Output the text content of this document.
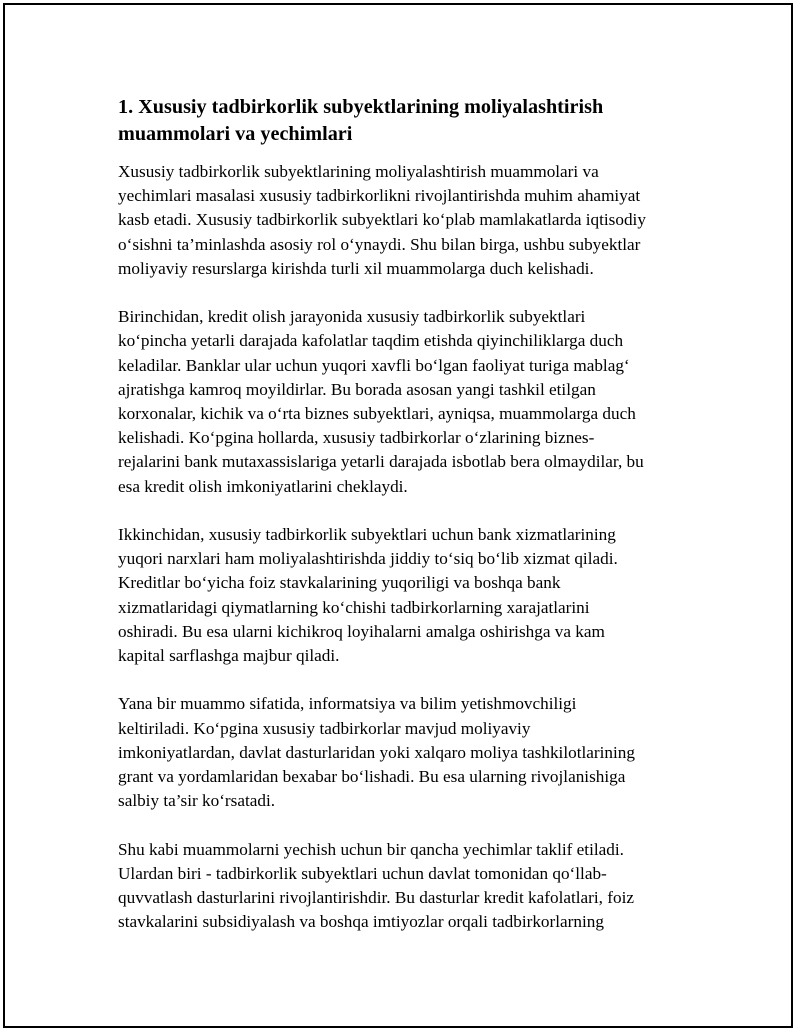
1. Xususiy tadbirkorlik subyektlarining moliyalashtirish
muammolari va yechimlari

Xususiy tadbirkorlik subyektlarining moliyalashtirish muammolari va
yechimlari masalasi xususiy tadbirkorlikni rivojlantirishda muhim ahamiyat
kasb etadi. Xususiy tadbirkorlik subyektlari ko‘plab mamlakatlarda iqtisodiy
o‘sishni ta’minlashda asosiy rol o‘ynaydi. Shu bilan birga, ushbu subyektlar
moliyaviy resurslarga kirishda turli xil muammolarga duch kelishadi.

Birinchidan, kredit olish jarayonida xususiy tadbirkorlik subyektlari
ko‘pincha yetarli darajada kafolatlar taqdim etishda qiyinchiliklarga duch
keladilar. Banklar ular uchun yuqori xavfli bo‘lgan faoliyat turiga mablag‘
ajratishga kamroq moyildirlar. Bu borada asosan yangi tashkil etilgan
korxonalar, kichik va o‘rta biznes subyektlari, ayniqsa, muammolarga duch
kelishadi. Ko‘pgina hollarda, xususiy tadbirkorlar o‘zlarining biznes-
rejalarini bank mutaxassislariga yetarli darajada isbotlab bera olmaydilar, bu
esa kredit olish imkoniyatlarini cheklaydi.

Ikkinchidan, xususiy tadbirkorlik subyektlari uchun bank xizmatlarining
yuqori narxlari ham moliyalashtirishda jiddiy to‘siq bo‘lib xizmat qiladi.
Kreditlar bo‘yicha foiz stavkalarining yuqoriligi va boshqa bank
xizmatlaridagi qiymatlarning ko‘chishi tadbirkorlarning xarajatlarini
oshiradi. Bu esa ularni kichikroq loyihalarni amalga oshirishga va kam
kapital sarflashga majbur qiladi.

Yana bir muammo sifatida, informatsiya va bilim yetishmovchiligi
keltiriladi. Ko‘pgina xususiy tadbirkorlar mavjud moliyaviy
imkoniyatlardan, davlat dasturlaridan yoki xalqaro moliya tashkilotlarining
grant va yordamlaridan bexabar bo‘lishadi. Bu esa ularning rivojlanishiga
salbiy ta’sir ko‘rsatadi.

Shu kabi muammolarni yechish uchun bir qancha yechimlar taklif etiladi.
Ulardan biri - tadbirkorlik subyektlari uchun davlat tomonidan qo‘llab-
quvvatlash dasturlarini rivojlantirishdir. Bu dasturlar kredit kafolatlari, foiz
stavkalarini subsidiyalash va boshqa imtiyozlar orqali tadbirkorlarning
